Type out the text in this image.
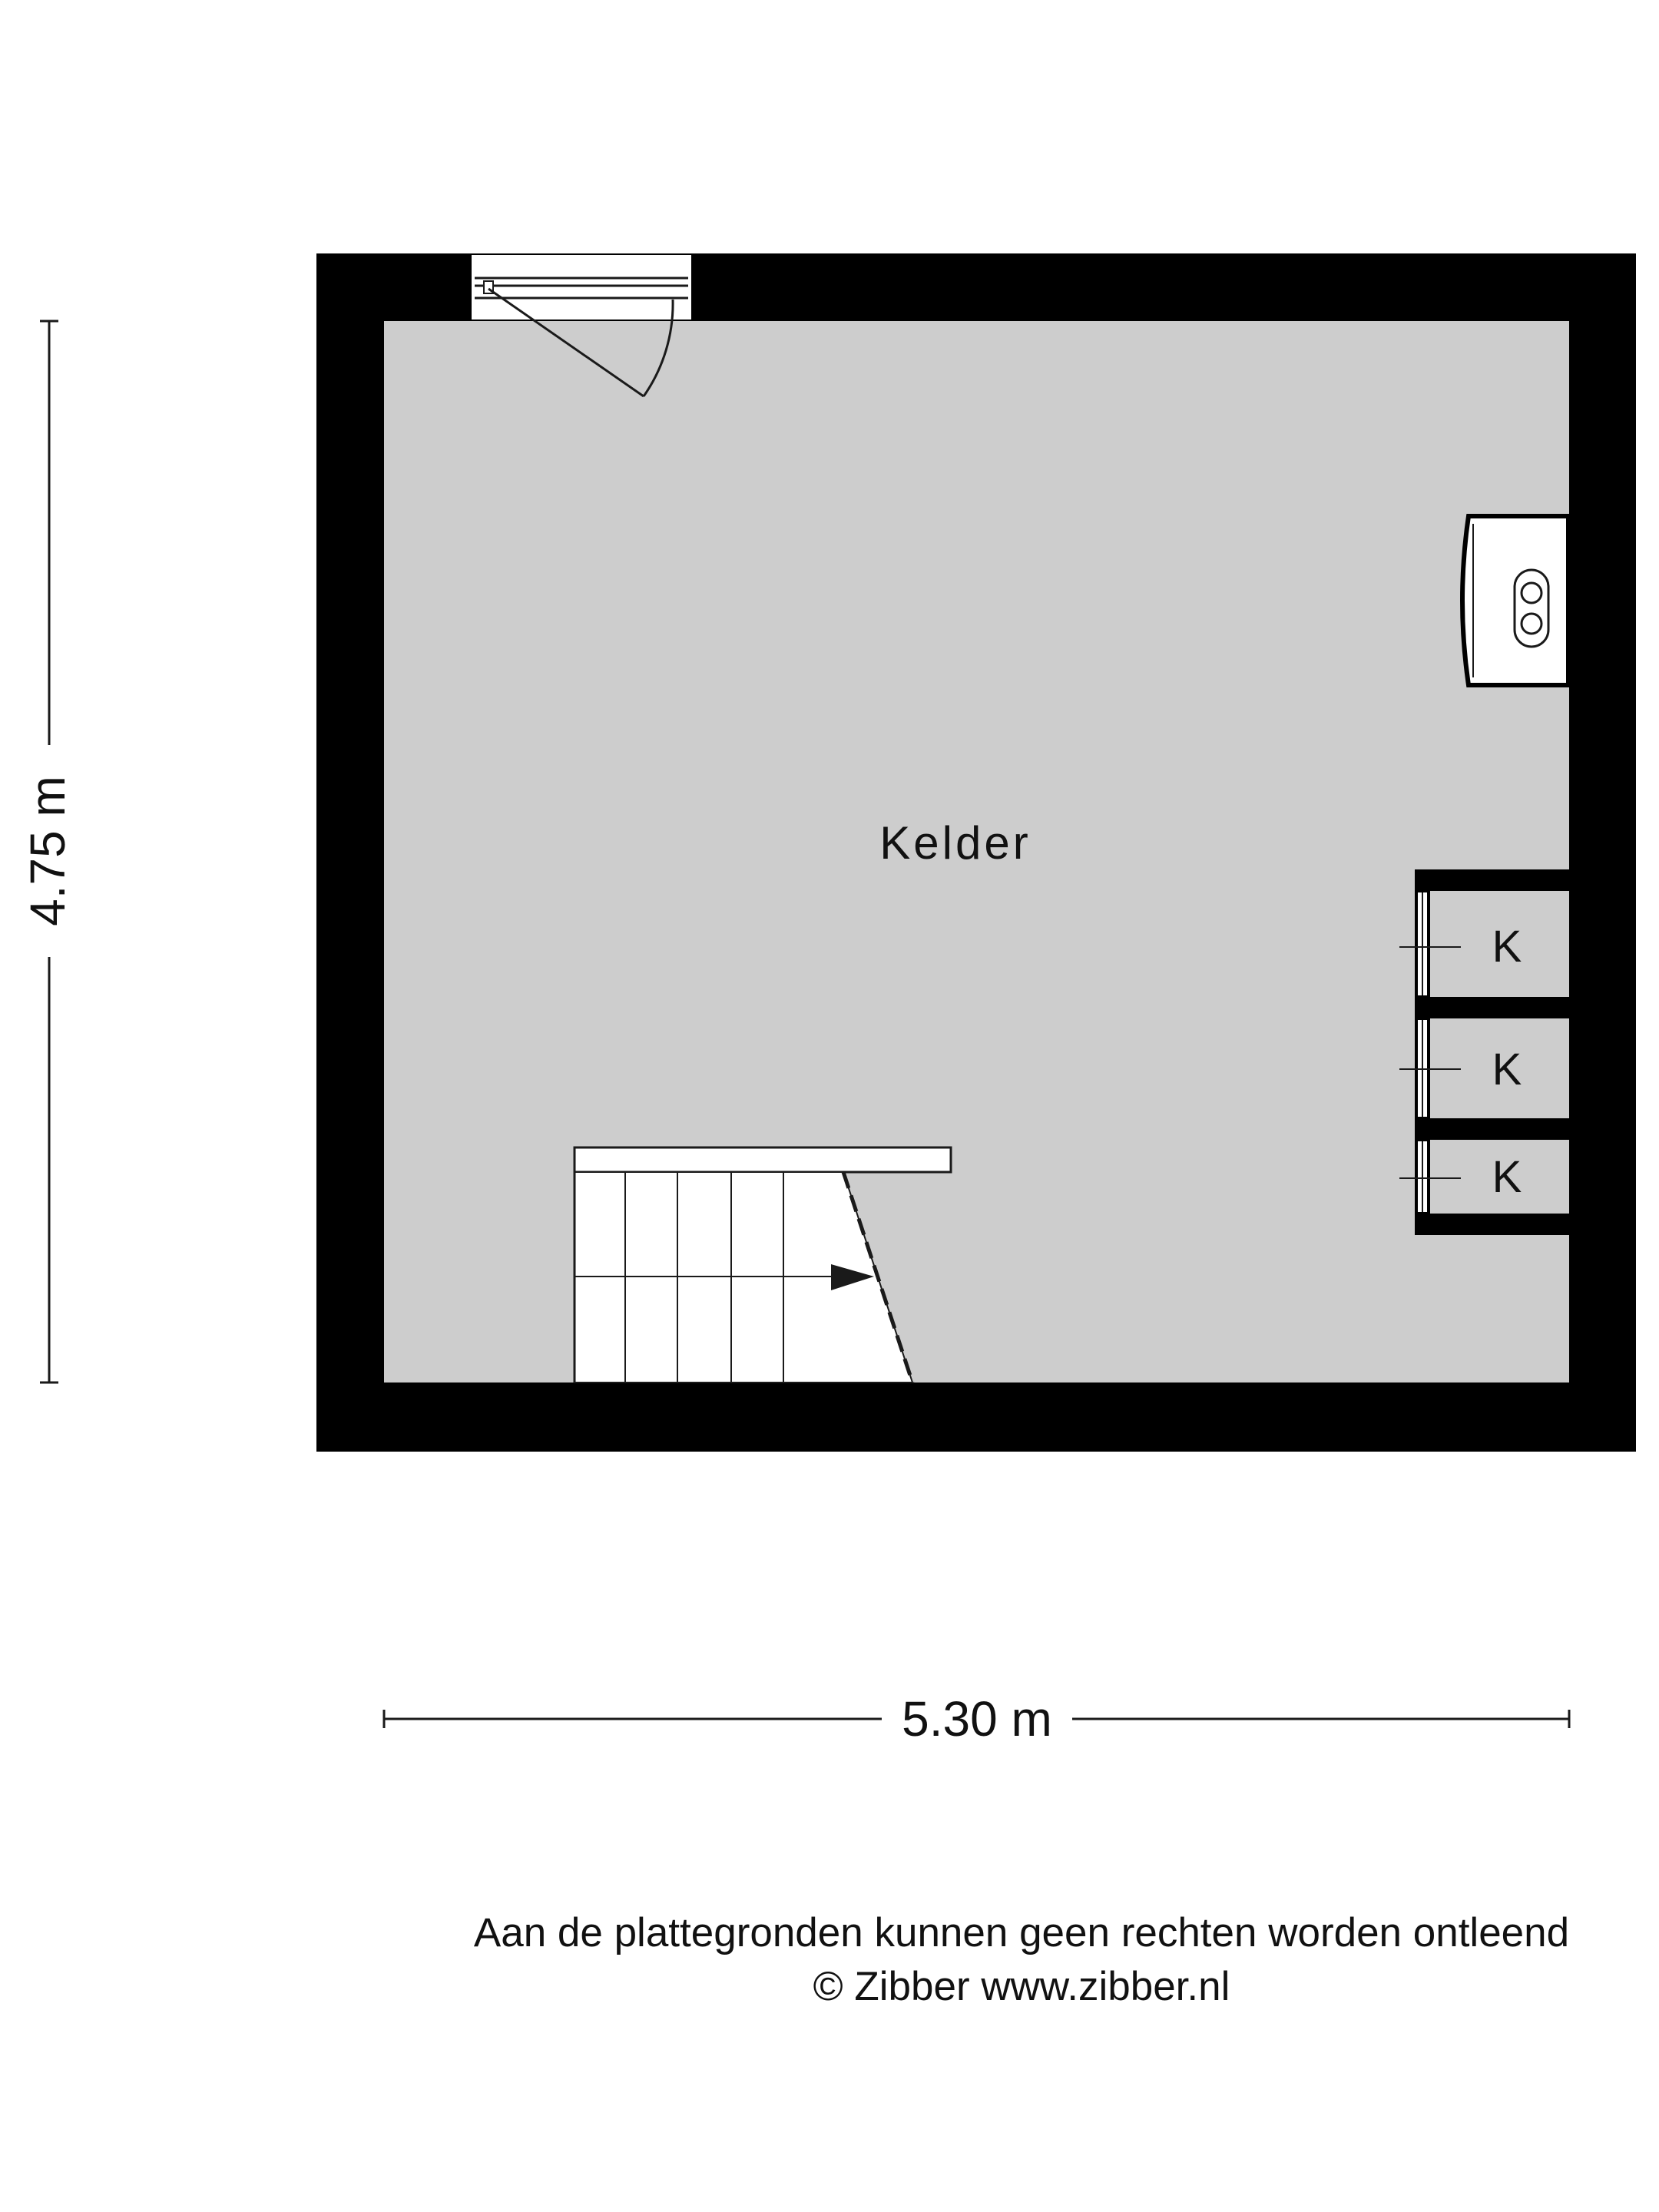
K
K
K
Kelder
4.75 m
5.30 m
Aan de plattegronden kunnen geen rechten worden ontleend
© Zibber www.zibber.nl
